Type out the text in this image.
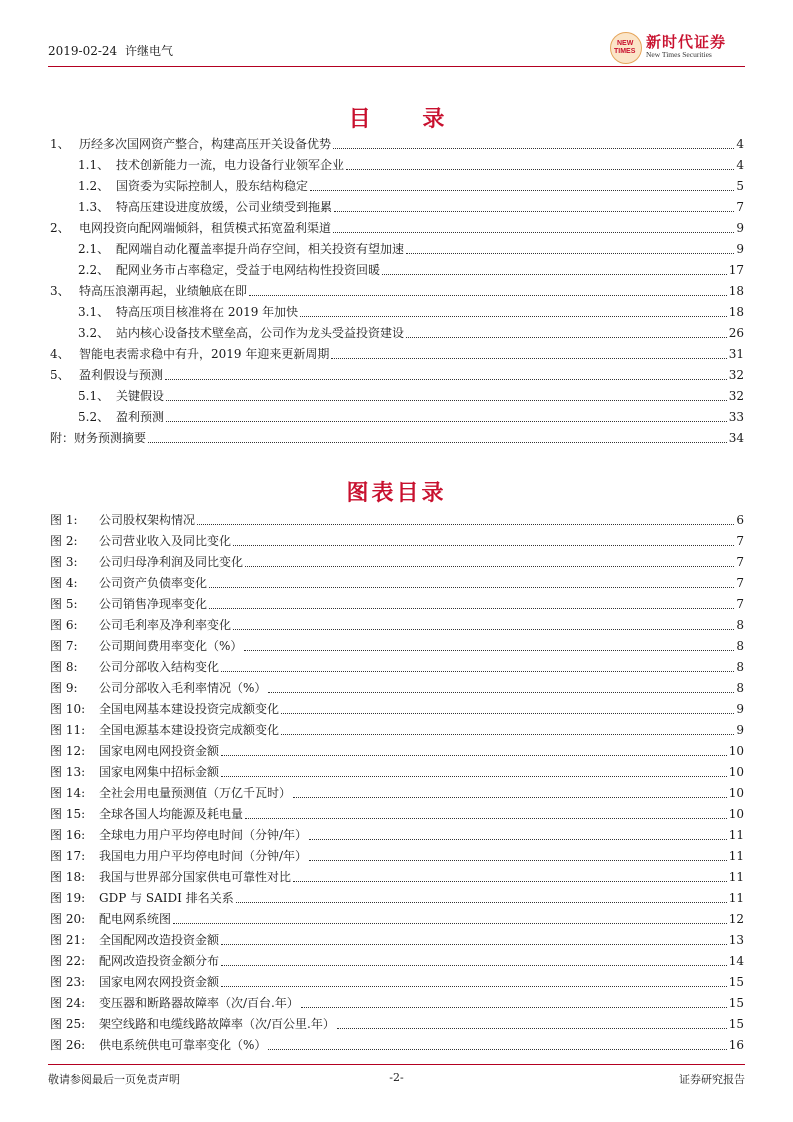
2019-02-24 许继电气
NEW
TIMES
新时代证券
New Times Securities
目 录
1、 历经多次国网资产整合，构建高压开关设备优势	4
1.1、 技术创新能力一流，电力设备行业领军企业	4
1.2、 国资委为实际控制人，股东结构稳定	5
1.3、 特高压建设进度放缓，公司业绩受到拖累	7
2、 电网投资向配网端倾斜，租赁模式拓宽盈利渠道	9
2.1、 配网端自动化覆盖率提升尚存空间，相关投资有望加速	9
2.2、 配网业务市占率稳定，受益于电网结构性投资回暖	17
3、 特高压浪潮再起，业绩触底在即	18
3.1、 特高压项目核准将在 2019 年加快	18
3.2、 站内核心设备技术壁垒高，公司作为龙头受益投资建设	26
4、 智能电表需求稳中有升，2019 年迎来更新周期	31
5、 盈利假设与预测	32
5.1、 关键假设	32
5.2、 盈利预测	33
附：财务预测摘要	34
图表目录
图 1:	公司股权架构情况	6
图 2:	公司营业收入及同比变化	7
图 3:	公司归母净利润及同比变化	7
图 4:	公司资产负债率变化	7
图 5:	公司销售净现率变化	7
图 6:	公司毛利率及净利率变化	8
图 7:	公司期间费用率变化（%）	8
图 8:	公司分部收入结构变化	8
图 9:	公司分部收入毛利率情况（%）	8
图 10:	全国电网基本建设投资完成额变化	9
图 11:	全国电源基本建设投资完成额变化	9
图 12:	国家电网电网投资金额	10
图 13:	国家电网集中招标金额	10
图 14:	全社会用电量预测值（万亿千瓦时）	10
图 15:	全球各国人均能源及耗电量	10
图 16:	全球电力用户平均停电时间（分钟/年）	11
图 17:	我国电力用户平均停电时间（分钟/年）	11
图 18:	我国与世界部分国家供电可靠性对比	11
图 19:	GDP 与 SAIDI 排名关系	11
图 20:	配电网系统图	12
图 21:	全国配网改造投资金额	13
图 22:	配网改造投资金额分布	14
图 23:	国家电网农网投资金额	15
图 24:	变压器和断路器故障率（次/百台.年）	15
图 25:	架空线路和电缆线路故障率（次/百公里.年）	15
图 26:	供电系统供电可靠率变化（%）	16
敬请参阅最后一页免责声明	-2-	证券研究报告
